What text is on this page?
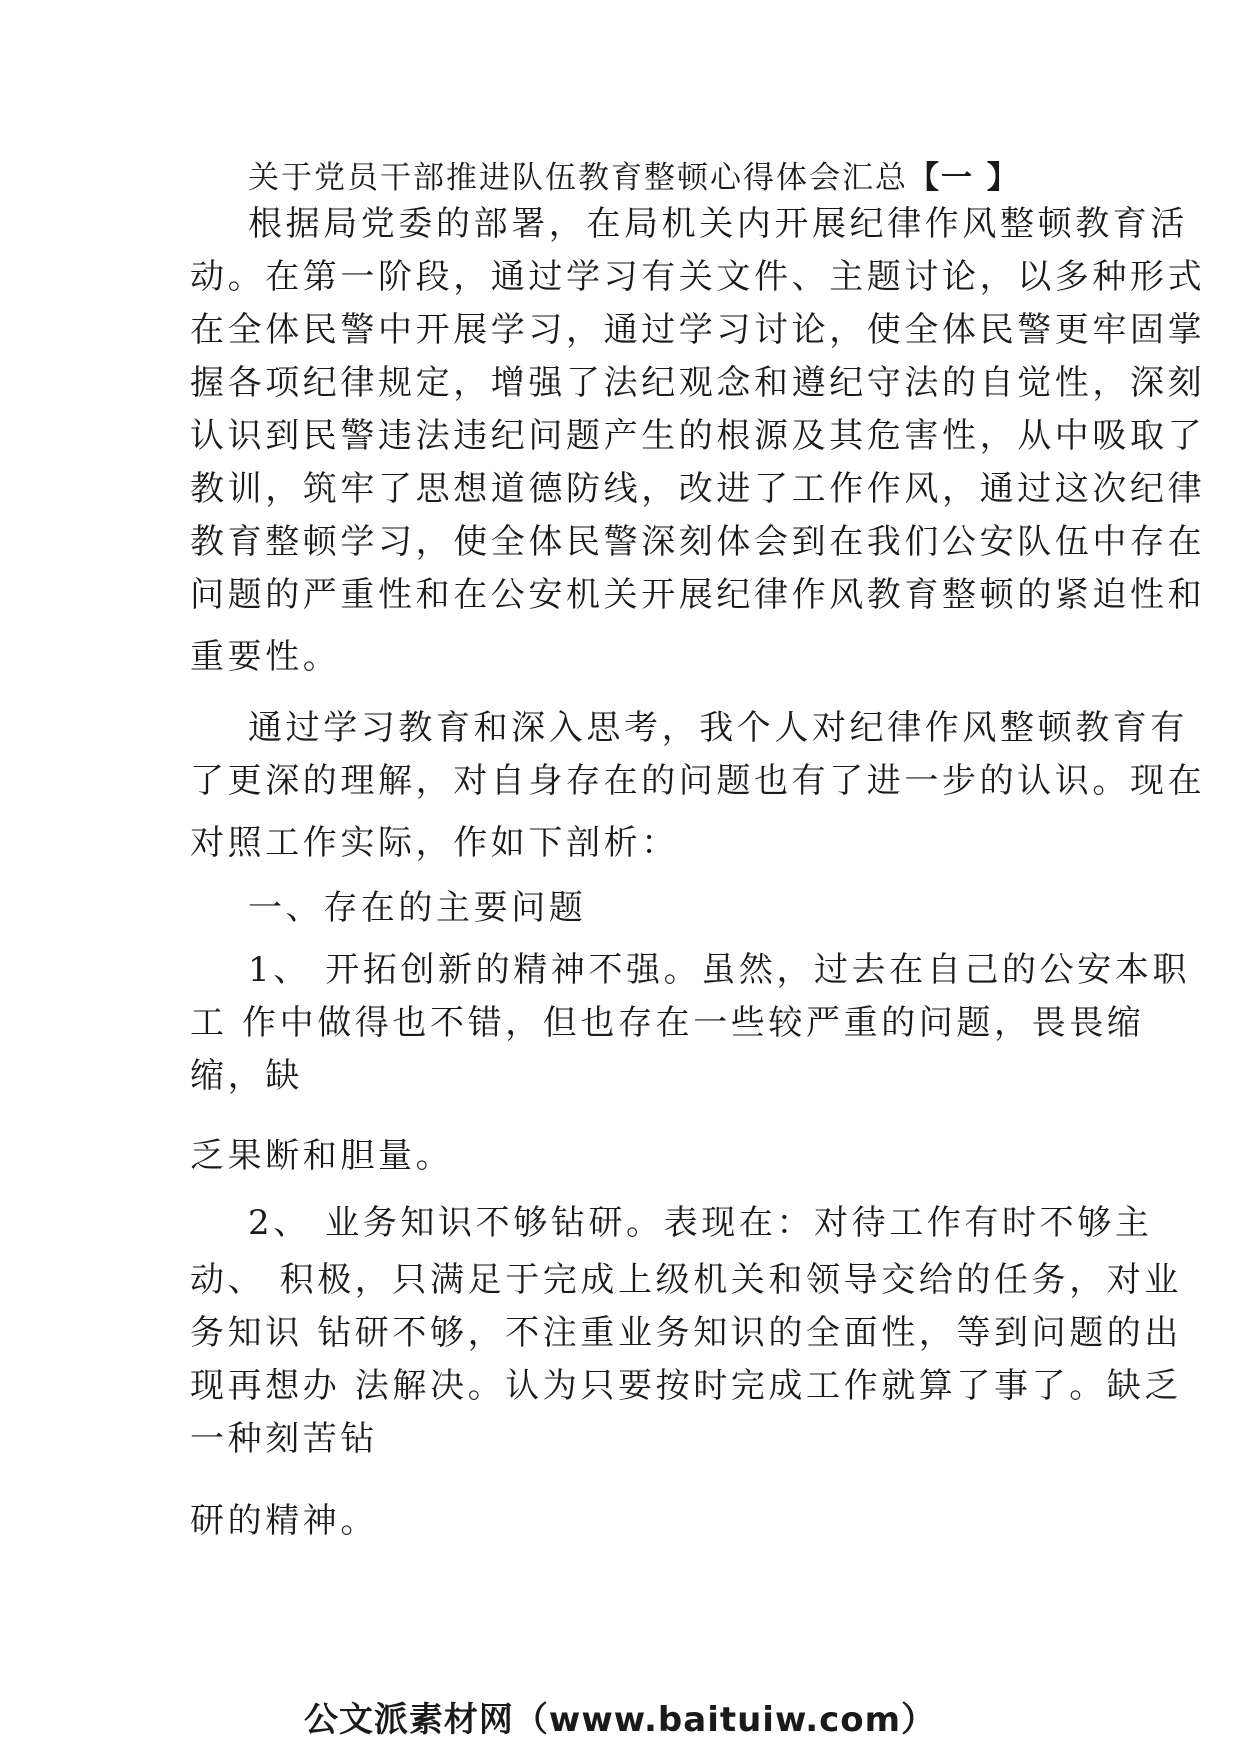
关于党员干部推进队伍教育整顿心得体会汇总【一 】
根据局党委的部署，在局机关内开展纪律作风整顿教育活
动。在第一阶段，通过学习有关文件、主题讨论，以多种形式
在全体民警中开展学习，通过学习讨论，使全体民警更牢固掌
握各项纪律规定，增强了法纪观念和遵纪守法的自觉性，深刻
认识到民警违法违纪问题产生的根源及其危害性，从中吸取了
教训，筑牢了思想道德防线，改进了工作作风，通过这次纪律
教育整顿学习，使全体民警深刻体会到在我们公安队伍中存在
问题的严重性和在公安机关开展纪律作风教育整顿的紧迫性和
重要性。
通过学习教育和深入思考，我个人对纪律作风整顿教育有
了更深的理解，对自身存在的问题也有了进一步的认识。现在
对照工作实际，作如下剖析：
一、存在的主要问题
1、 开拓创新的精神不强。虽然，过去在自己的公安本职
工 作中做得也不错，但也存在一些较严重的问题，畏畏缩
缩，缺
乏果断和胆量。
2、 业务知识不够钻研。表现在：对待工作有时不够主
动、 积极，只满足于完成上级机关和领导交给的任务，对业
务知识 钻研不够，不注重业务知识的全面性，等到问题的出
现再想办 法解决。认为只要按时完成工作就算了事了。缺乏
一种刻苦钻
研的精神。
公文派素材网（www.baituiw.com）
